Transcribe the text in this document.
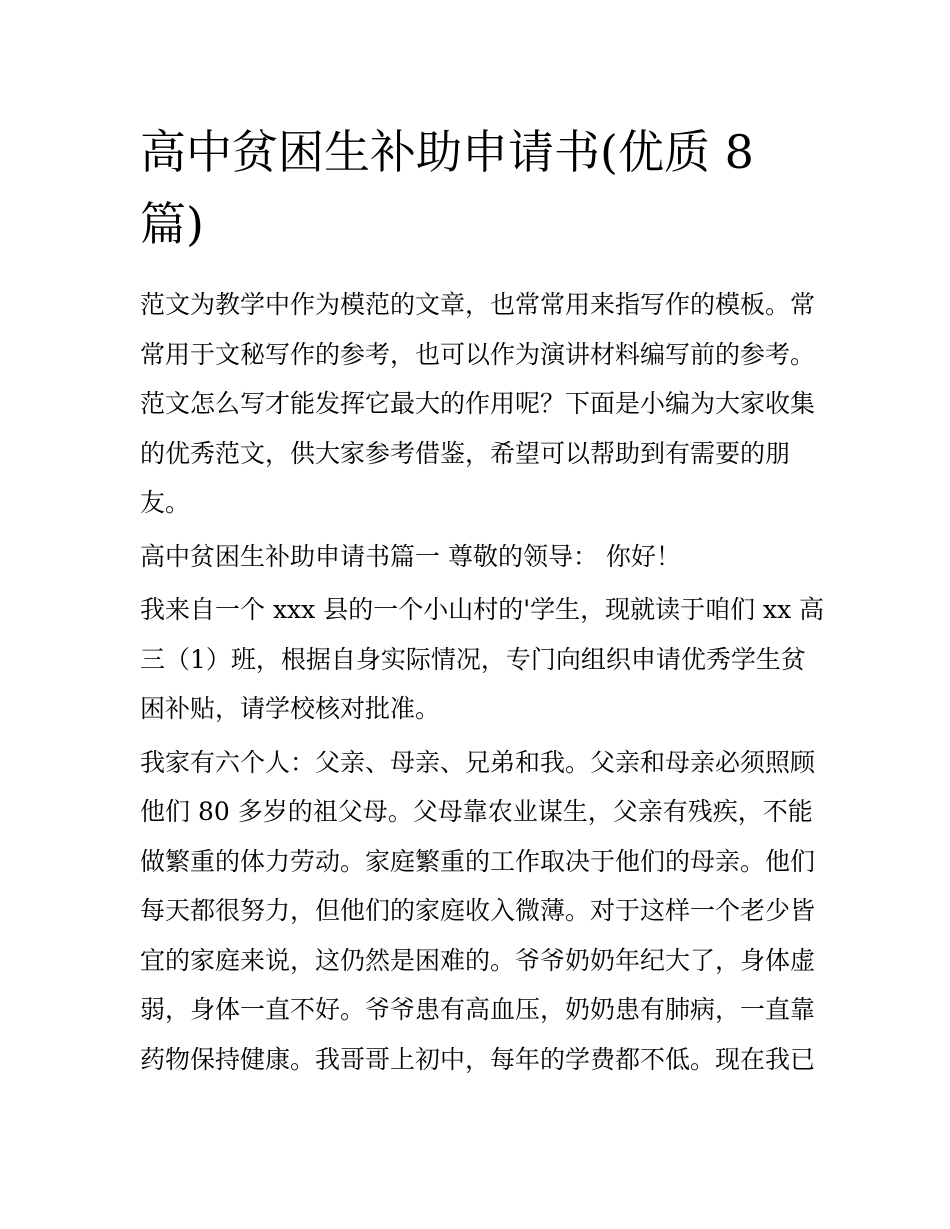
高中贫困生补助申请书(优质 8 篇)

范文为教学中作为模范的文章，也常常用来指写作的模板。常
常用于文秘写作的参考，也可以作为演讲材料编写前的参考。
范文怎么写才能发挥它最大的作用呢？下面是小编为大家收集
的优秀范文，供大家参考借鉴，希望可以帮助到有需要的朋
友。

高中贫困生补助申请书篇一 尊敬的领导： 你好！

我来自一个 xxx 县的一个小山村的'学生，现就读于咱们 xx 高
三（1）班，根据自身实际情况，专门向组织申请优秀学生贫
困补贴，请学校核对批准。

我家有六个人：父亲、母亲、兄弟和我。父亲和母亲必须照顾
他们 80 多岁的祖父母。父母靠农业谋生，父亲有残疾，不能
做繁重的体力劳动。家庭繁重的工作取决于他们的母亲。他们
每天都很努力，但他们的家庭收入微薄。对于这样一个老少皆
宜的家庭来说，这仍然是困难的。爷爷奶奶年纪大了，身体虚
弱，身体一直不好。爷爷患有高血压，奶奶患有肺病，一直靠
药物保持健康。我哥哥上初中，每年的学费都不低。现在我已
